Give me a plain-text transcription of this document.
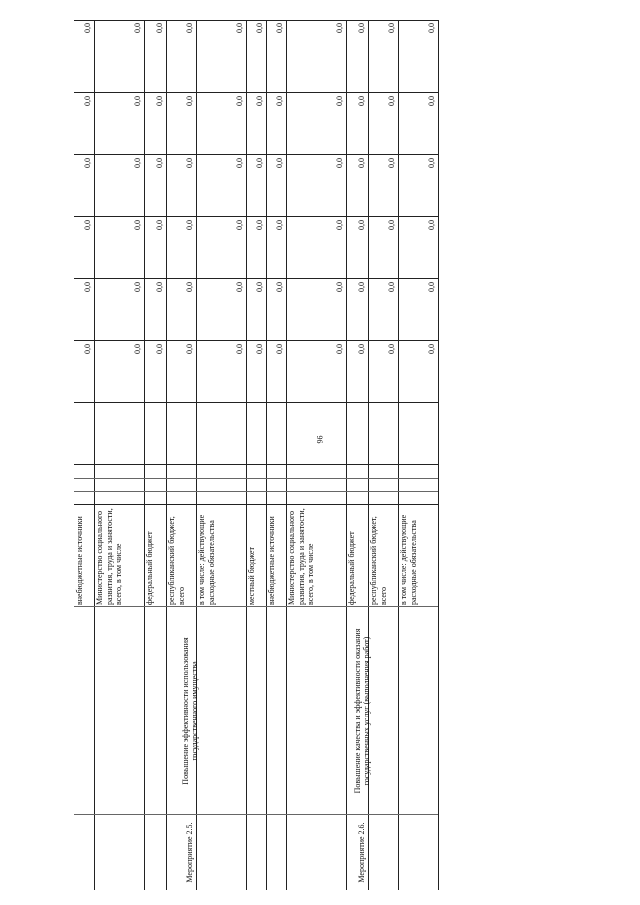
96
внебюджетные источники
0,0
0,0
0,0
0,0
0,0
0,0
Министерство социального развития, труда и занятости, всего, в том числе
0,0
0,0
0,0
0,0
0,0
0,0
федеральный бюджет
0,0
0,0
0,0
0,0
0,0
0,0
республиканский бюджет, всего
0,0
0,0
0,0
0,0
0,0
0,0
в том числе: действующие расходные обязательства
0,0
0,0
0,0
0,0
0,0
0,0
местный бюджет
0,0
0,0
0,0
0,0
0,0
0,0
внебюджетные источники
0,0
0,0
0,0
0,0
0,0
0,0
Мероприятие 2.5.
Повышение эффективности использования государственного имущества
Министерство социального развития, труда и занятости, всего, в том числе
0,0
0,0
0,0
0,0
0,0
0,0
федеральный бюджет
0,0
0,0
0,0
0,0
0,0
0,0
республиканский бюджет, всего
0,0
0,0
0,0
0,0
0,0
0,0
в том числе: действующие расходные обязательства
0,0
0,0
0,0
0,0
0,0
0,0
Мероприятие 2.6.
Повышение качества и эффективности оказания государственных услуг (выполнения работ)
